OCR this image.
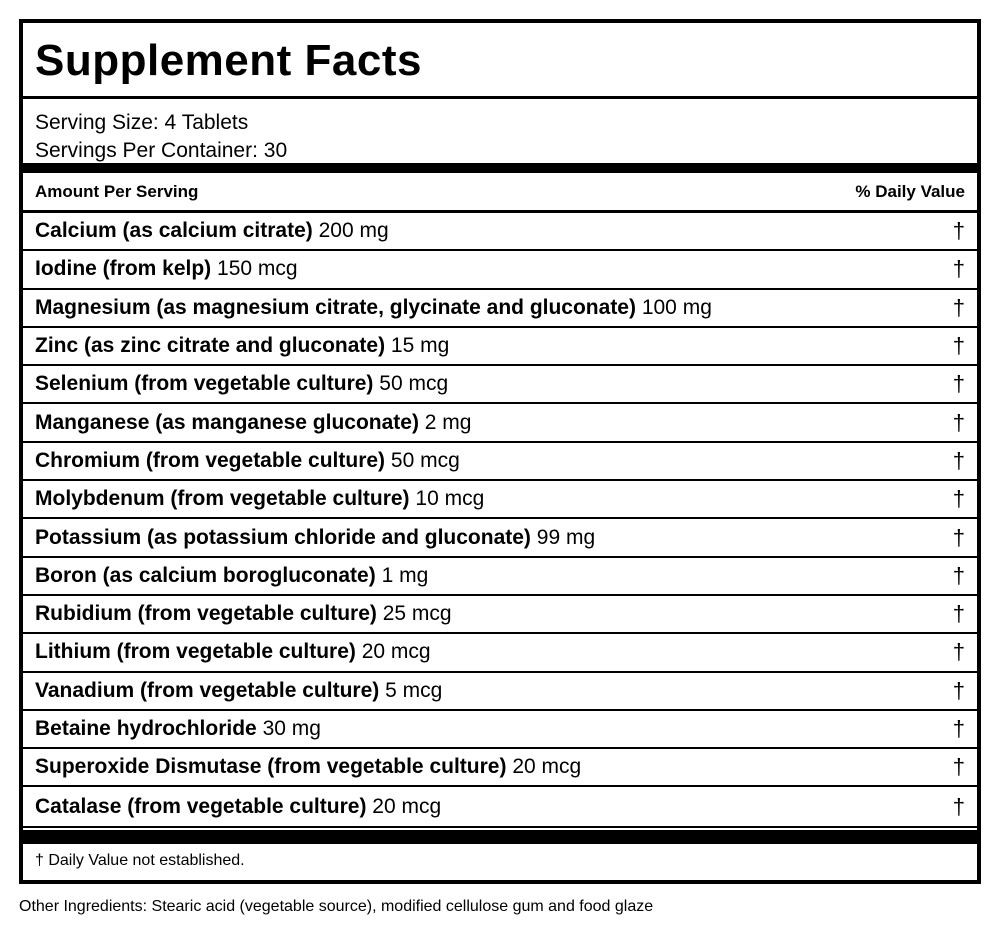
Supplement Facts
Serving Size: 4 Tablets
Servings Per Container: 30
Amount Per Serving	% Daily Value
Calcium (as calcium citrate) 200 mg	†
Iodine (from kelp) 150 mcg	†
Magnesium (as magnesium citrate, glycinate and gluconate) 100 mg	†
Zinc (as zinc citrate and gluconate) 15 mg	†
Selenium (from vegetable culture) 50 mcg	†
Manganese (as manganese gluconate) 2 mg	†
Chromium (from vegetable culture) 50 mcg	†
Molybdenum (from vegetable culture) 10 mcg	†
Potassium (as potassium chloride and gluconate) 99 mg	†
Boron (as calcium borogluconate) 1 mg	†
Rubidium (from vegetable culture) 25 mcg	†
Lithium (from vegetable culture) 20 mcg	†
Vanadium (from vegetable culture) 5 mcg	†
Betaine hydrochloride 30 mg	†
Superoxide Dismutase (from vegetable culture) 20 mcg	†
Catalase (from vegetable culture) 20 mcg	†
† Daily Value not established.
Other Ingredients: Stearic acid (vegetable source), modified cellulose gum and food glaze
